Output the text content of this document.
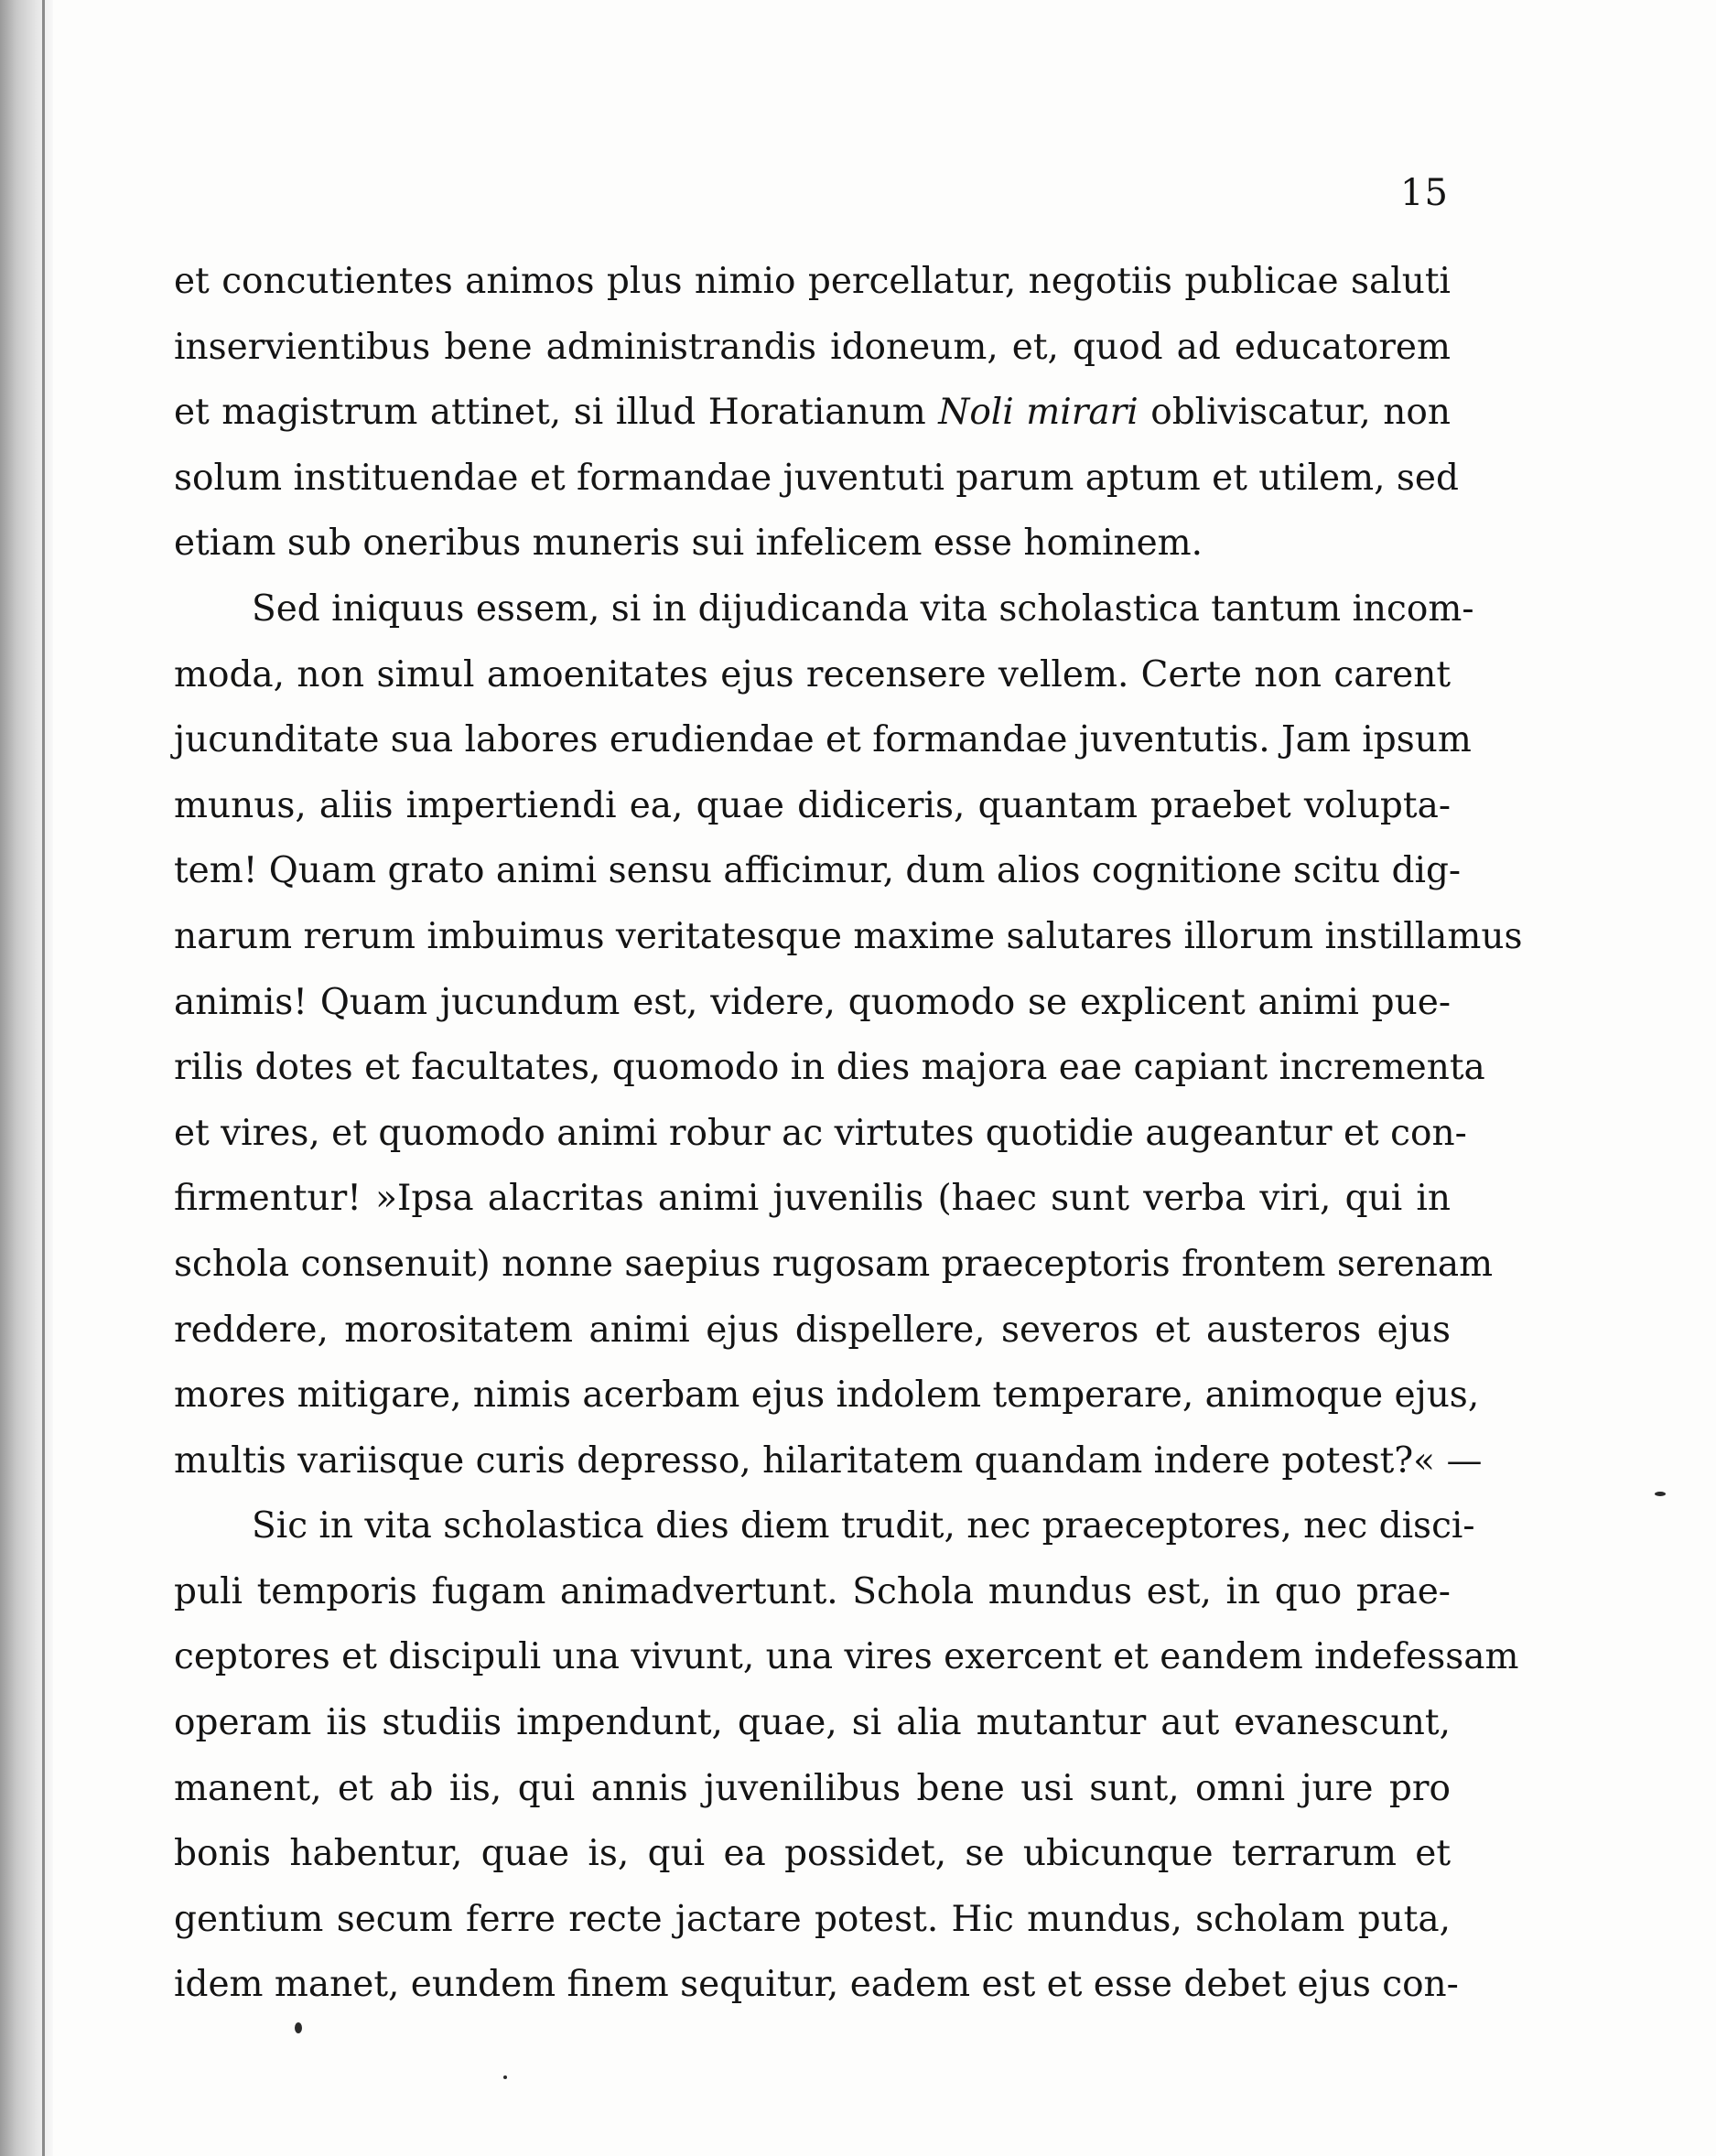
15
et concutientes animos plus nimio percellatur, negotiis publicae saluti
inservientibus bene administrandis idoneum, et, quod ad educatorem
et magistrum attinet, si illud Horatianum Noli mirari obliviscatur, non
solum instituendae et formandae juventuti parum aptum et utilem, sed
etiam sub oneribus muneris sui infelicem esse hominem.
Sed iniquus essem, si in dijudicanda vita scholastica tantum incom-
moda, non simul amoenitates ejus recensere vellem. Certe non carent
jucunditate sua labores erudiendae et formandae juventutis. Jam ipsum
munus, aliis impertiendi ea, quae didiceris, quantam praebet volupta-
tem! Quam grato animi sensu afficimur, dum alios cognitione scitu dig-
narum rerum imbuimus veritatesque maxime salutares illorum instillamus
animis! Quam jucundum est, videre, quomodo se explicent animi pue-
rilis dotes et facultates, quomodo in dies majora eae capiant incrementa
et vires, et quomodo animi robur ac virtutes quotidie augeantur et con-
firmentur! »Ipsa alacritas animi juvenilis (haec sunt verba viri, qui in
schola consenuit) nonne saepius rugosam praeceptoris frontem serenam
reddere, morositatem animi ejus dispellere, severos et austeros ejus
mores mitigare, nimis acerbam ejus indolem temperare, animoque ejus,
multis variisque curis depresso, hilaritatem quandam indere potest?« —
Sic in vita scholastica dies diem trudit, nec praeceptores, nec disci-
puli temporis fugam animadvertunt. Schola mundus est, in quo prae-
ceptores et discipuli una vivunt, una vires exercent et eandem indefessam
operam iis studiis impendunt, quae, si alia mutantur aut evanescunt,
manent, et ab iis, qui annis juvenilibus bene usi sunt, omni jure pro
bonis habentur, quae is, qui ea possidet, se ubicunque terrarum et
gentium secum ferre recte jactare potest. Hic mundus, scholam puta,
idem manet, eundem finem sequitur, eadem est et esse debet ejus con-
